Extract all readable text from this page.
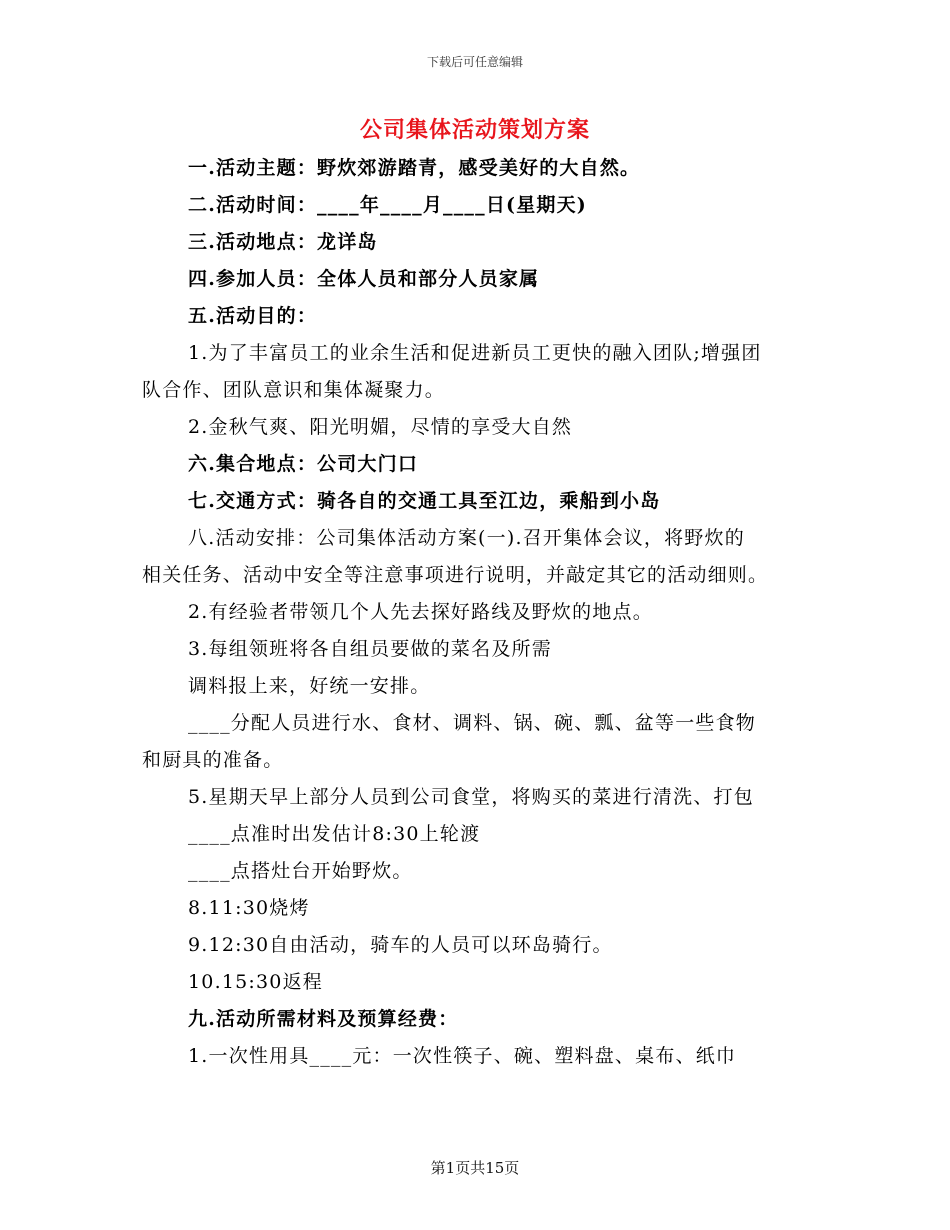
下载后可任意编辑
公司集体活动策划方案
一.活动主题：野炊郊游踏青，感受美好的大自然。
二.活动时间：____年____月____日(星期天)
三.活动地点：龙详岛
四.参加人员：全体人员和部分人员家属
五.活动目的：
1.为了丰富员工的业余生活和促进新员工更快的融入团队;增强团
队合作、团队意识和集体凝聚力。
2.金秋气爽、阳光明媚，尽情的享受大自然
六.集合地点：公司大门口
七.交通方式：骑各自的交通工具至江边，乘船到小岛
八.活动安排：公司集体活动方案(一).召开集体会议，将野炊的
相关任务、活动中安全等注意事项进行说明，并敲定其它的活动细则。
2.有经验者带领几个人先去探好路线及野炊的地点。
3.每组领班将各自组员要做的菜名及所需
调料报上来，好统一安排。
____分配人员进行水、食材、调料、锅、碗、瓢、盆等一些食物
和厨具的准备。
5.星期天早上部分人员到公司食堂，将购买的菜进行清洗、打包
____点准时出发估计8:30上轮渡
____点搭灶台开始野炊。
8.11:30烧烤
9.12:30自由活动，骑车的人员可以环岛骑行。
10.15:30返程
九.活动所需材料及预算经费：
1.一次性用具____元：一次性筷子、碗、塑料盘、桌布、纸巾
第1页共15页
